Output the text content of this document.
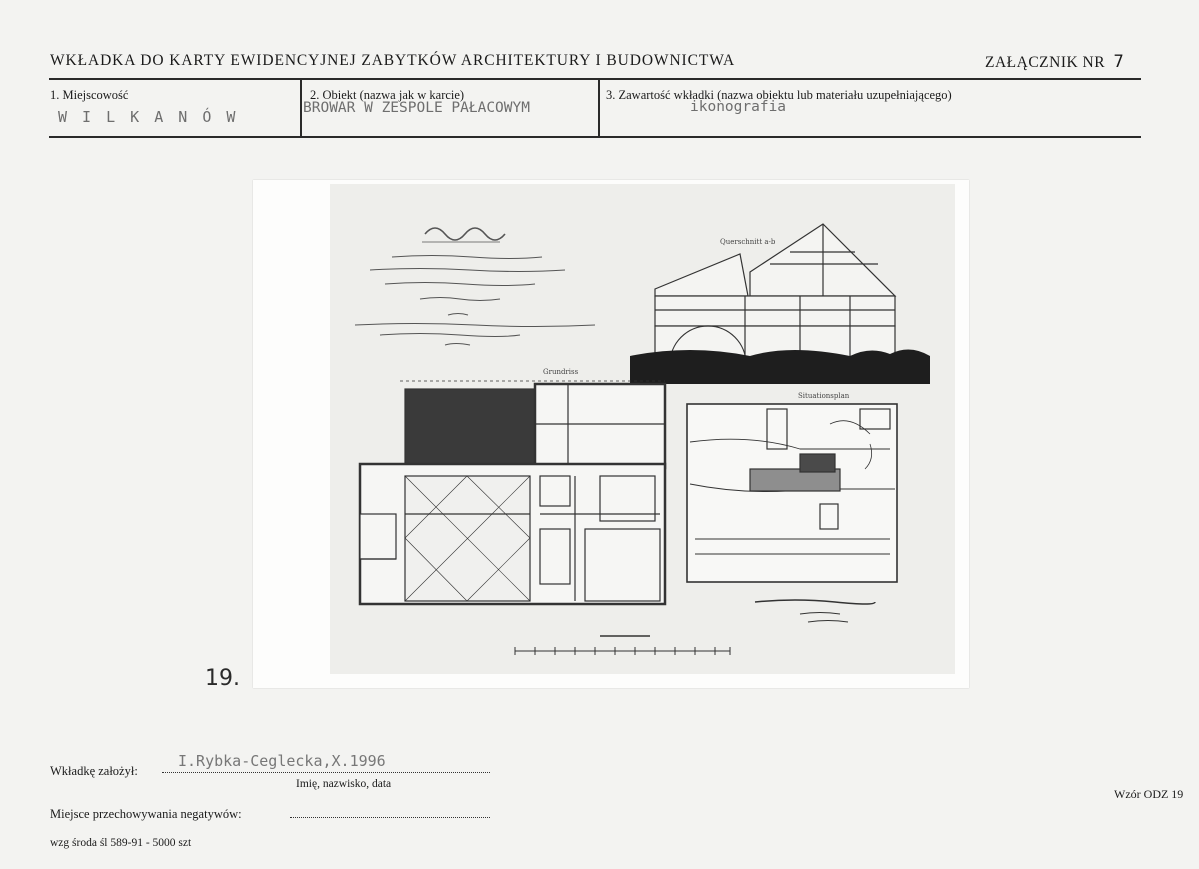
WKŁADKA DO KARTY EWIDENCYJNEJ ZABYTKÓW ARCHITEKTURY I BUDOWNICTWA	ZAŁĄCZNIK NR 7
1. Miejscowość
W I L K A N Ó W
2. Obiekt (nazwa jak w karcie)
BROWAR W ZESPOLE PAŁACOWYM
3. Zawartość wkładki (nazwa obiektu lub materiału uzupełniającego)
ikonografia
Querschnitt a-b
Grundriss
Situationsplan
19.
Wkładkę założył:
I.Rybka-Ceglecka,X.1996
Imię, nazwisko, data
Miejsce przechowywania negatywów:
wzg środa śl 589-91 - 5000 szt
Wzór ODZ 19
